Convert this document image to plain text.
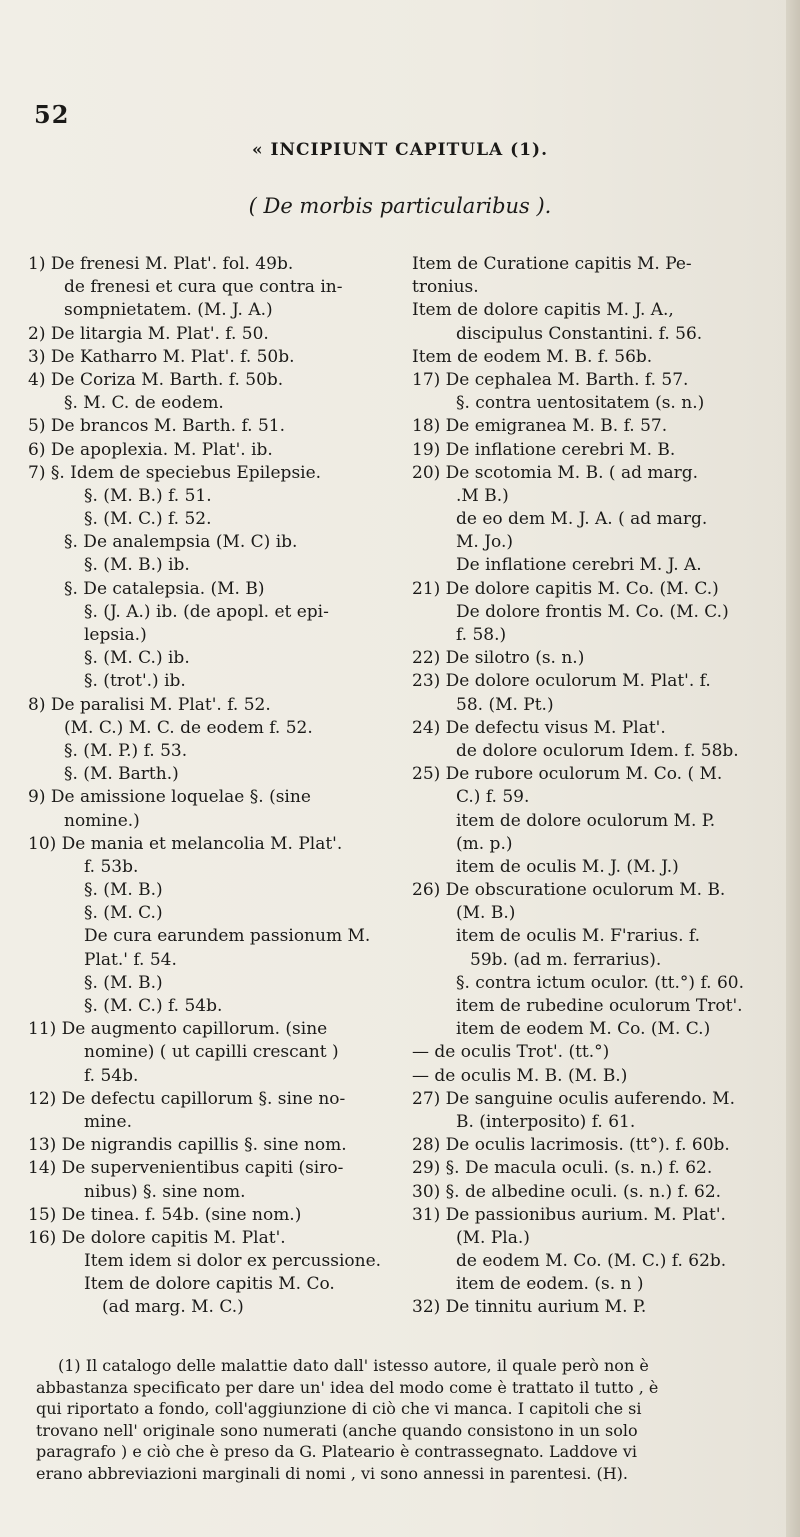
52
« INCIPIUNT CAPITULA (1).
( De morbis particularibus ).
1) De frenesi M. Plat'. fol. 49b.
de frenesi et cura que contra in-
sompnietatem. (M. J. A.)
2) De litargia M. Plat'. f. 50.
3) De Katharro M. Plat'. f. 50b.
4) De Coriza M. Barth. f. 50b.
§. M. C. de eodem.
5) De brancos M. Barth. f. 51.
6) De apoplexia. M. Plat'. ib.
7) §. Idem de speciebus Epilepsie.
§. (M. B.) f. 51.
§. (M. C.) f. 52.
§. De analempsia (M. C) ib.
§. (M. B.) ib.
§. De catalepsia. (M. B)
§. (J. A.) ib. (de apopl. et epi-
lepsia.)
§. (M. C.) ib.
§. (trot'.) ib.
8) De paralisi M. Plat'. f. 52.
(M. C.) M. C. de eodem f. 52.
§. (M. P.) f. 53.
§. (M. Barth.)
9) De amissione loquelae §. (sine
nomine.)
10) De mania et melancolia M. Plat'.
f. 53b.
§. (M. B.)
§. (M. C.)
De cura earundem passionum M.
Plat.' f. 54.
§. (M. B.)
§. (M. C.) f. 54b.
11) De augmento capillorum. (sine
nomine) ( ut capilli crescant )
f. 54b.
12) De defectu capillorum §. sine no-
mine.
13) De nigrandis capillis §. sine nom.
14) De supervenientibus capiti (siro-
nibus) §. sine nom.
15) De tinea. f. 54b. (sine nom.)
16) De dolore capitis M. Plat'.
Item idem si dolor ex percussione.
Item de dolore capitis M. Co.
(ad marg. M. C.)
Item de Curatione capitis M. Pe-
tronius.
Item de dolore capitis M. J. A.,
discipulus Constantini. f. 56.
Item de eodem M. B. f. 56b.
17) De cephalea M. Barth. f. 57.
§. contra uentositatem (s. n.)
18) De emigranea M. B. f. 57.
19) De inflatione cerebri M. B.
20) De scotomia M. B. ( ad marg.
.M B.)
de eo dem M. J. A. ( ad marg.
M. Jo.)
De inflatione cerebri M. J. A.
21) De dolore capitis M. Co. (M. C.)
De dolore frontis M. Co. (M. C.)
f. 58.)
22) De silotro (s. n.)
23) De dolore oculorum M. Plat'. f.
58. (M. Pt.)
24) De defectu visus M. Plat'.
de dolore oculorum Idem. f. 58b.
25) De rubore oculorum M. Co. ( M.
C.) f. 59.
item de dolore oculorum M. P.
(m. p.)
item de oculis M. J. (M. J.)
26) De obscuratione oculorum M. B.
(M. B.)
item de oculis M. F'rarius. f.
59b. (ad m. ferrarius).
§. contra ictum oculor. (tt.°) f. 60.
item de rubedine oculorum Trot'.
item de eodem M. Co. (M. C.)
— de oculis Trot'. (tt.°)
— de oculis M. B. (M. B.)
27) De sanguine oculis auferendo. M.
B. (interposito) f. 61.
28) De oculis lacrimosis. (tt°). f. 60b.
29) §. De macula oculi. (s. n.) f. 62.
30) §. de albedine oculi. (s. n.) f. 62.
31) De passionibus aurium. M. Plat'.
(M. Pla.)
de eodem M. Co. (M. C.) f. 62b.
item de eodem. (s. n )
32) De tinnitu aurium M. P.
(1) Il catalogo delle malattie dato dall' istesso autore, il quale però non è
abbastanza specificato per dare un' idea del modo come è trattato il tutto , è
qui riportato a fondo, coll'aggiunzione di ciò che vi manca. I capitoli che si
trovano nell' originale sono numerati (anche quando consistono in un solo
paragrafo ) e ciò che è preso da G. Plateario è contrassegnato. Laddove vi
erano abbreviazioni marginali di nomi , vi sono annessi in parentesi. (H).
